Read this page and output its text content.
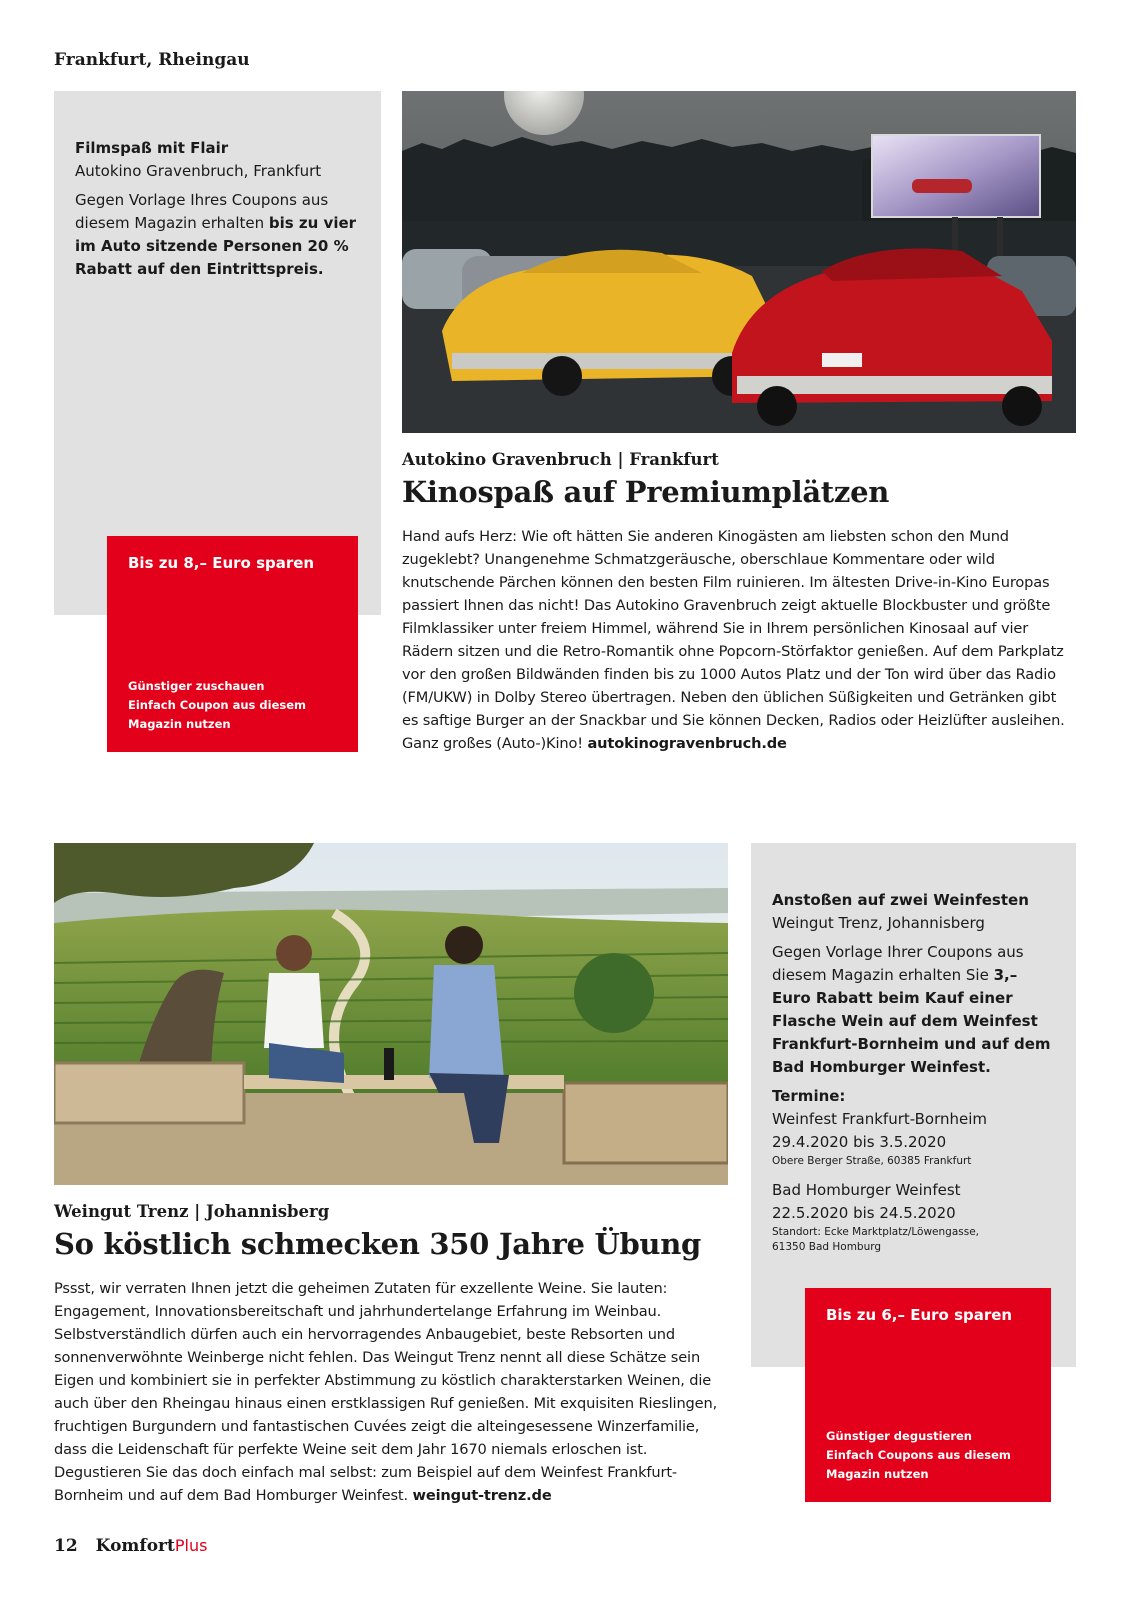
Frankfurt, Rheingau
Filmspaß mit Flair

Autokino Gravenbruch, Frankfurt

Gegen Vorlage Ihres Coupons aus diesem Magazin erhalten bis zu vier im Auto sitzende Personen 20 % Rabatt auf den Eintrittspreis.

Bis zu 8,– Euro sparen
Günstiger zuschauen
Einfach Coupon aus diesem
Magazin nutzen
Autokino Gravenbruch | Frankfurt
Kinospaß auf Premiumplätzen
Hand aufs Herz: Wie oft hätten Sie anderen Kinogästen am liebsten schon den Mund zugeklebt? Unangenehme Schmatzgeräusche, oberschlaue Kommentare oder wild knutschende Pärchen können den besten Film ruinieren. Im ältesten Drive-in-Kino Europas passiert Ihnen das nicht! Das Autokino Gravenbruch zeigt aktuelle Blockbuster und größte Filmklassiker unter freiem Himmel, während Sie in Ihrem persönlichen Kinosaal auf vier Rädern sitzen und die Retro-Romantik ohne Popcorn-Störfaktor genießen. Auf dem Parkplatz vor den großen Bildwänden finden bis zu 1000 Autos Platz und der Ton wird über das Radio (FM/UKW) in Dolby Stereo übertragen. Neben den üblichen Süßigkeiten und Getränken gibt es saftige Burger an der Snackbar und Sie können Decken, Radios oder Heizlüfter ausleihen. Ganz großes (Auto-)Kino! autokinogravenbruch.de
Weingut Trenz | Johannisberg
So köstlich schmecken 350 Jahre Übung
Pssst, wir verraten Ihnen jetzt die geheimen Zutaten für exzellente Weine. Sie lauten: Engagement, Innovationsbereitschaft und jahrhundertelange Erfahrung im Weinbau. Selbstverständlich dürfen auch ein hervorragendes Anbaugebiet, beste Rebsorten und sonnenverwöhnte Weinberge nicht fehlen. Das Weingut Trenz nennt all diese Schätze sein Eigen und kombiniert sie in perfekter Abstimmung zu köstlich charakterstarken Weinen, die auch über den Rheingau hinaus einen erstklassigen Ruf genießen. Mit exquisiten Rieslingen, fruchtigen Burgundern und fantastischen Cuvées zeigt die alteingesessene Winzerfamilie, dass die Leidenschaft für perfekte Weine seit dem Jahr 1670 niemals erloschen ist. Degustieren Sie das doch einfach mal selbst: zum Beispiel auf dem Weinfest Frankfurt-Bornheim und auf dem Bad Homburger Weinfest. weingut-trenz.de
Anstoßen auf zwei Weinfesten

Weingut Trenz, Johannisberg

Gegen Vorlage Ihrer Coupons aus diesem Magazin erhalten Sie 3,– Euro Rabatt beim Kauf einer Flasche Wein auf dem Weinfest Frankfurt-Bornheim und auf dem Bad Homburger Weinfest.

Termine:

Weinfest Frankfurt-Bornheim

29.4.2020 bis 3.5.2020

Obere Berger Straße, 60385 Frankfurt

Bad Homburger Weinfest

22.5.2020 bis 24.5.2020

Standort: Ecke Marktplatz/Löwengasse,
61350 Bad Homburg

Bis zu 6,– Euro sparen
Günstiger degustieren
Einfach Coupons aus diesem
Magazin nutzen
12 KomfortPlus
